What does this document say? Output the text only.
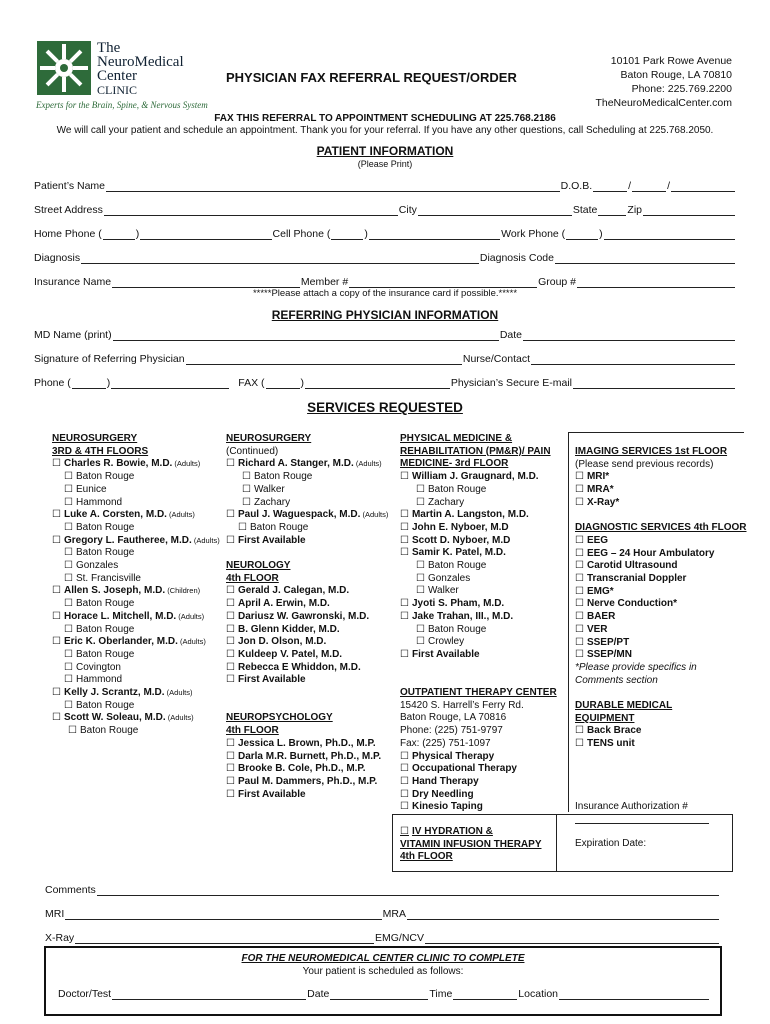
The
NeuroMedical
Center
CLINIC
Experts for the Brain, Spine, & Nervous System
PHYSICIAN FAX REFERRAL REQUEST/ORDER
10101 Park Rowe Avenue
Baton Rouge, LA 70810
Phone: 225.769.2200
TheNeuroMedicalCenter.com
FAX THIS REFERRAL TO APPOINTMENT SCHEDULING AT 225.768.2186
We will call your patient and schedule an appointment. Thank you for your referral. If you have any other questions, call Scheduling at 225.768.2050.
PATIENT INFORMATION
(Please Print)
Patient’s Name	D.O.B.	/	/
Street Address	City	State	Zip
Home Phone (	)	Cell Phone (	)	Work Phone (	)
Diagnosis	Diagnosis Code
Insurance Name	Member #	Group #
*****Please attach a copy of the insurance card if possible.*****
REFERRING PHYSICIAN INFORMATION
MD Name (print)	Date
Signature of Referring Physician	Nurse/Contact
Phone (	)	FAX (	)	Physician’s Secure E-mail
SERVICES REQUESTED
NEUROSURGERY
3RD & 4TH FLOORS
☐ Charles R. Bowie, M.D. (Adults)
☐ Baton Rouge
☐ Eunice
☐ Hammond
☐ Luke A. Corsten, M.D. (Adults)
☐ Baton Rouge
☐ Gregory L. Fautheree, M.D. (Adults)
☐ Baton Rouge
☐ Gonzales
☐ St. Francisville
☐ Allen S. Joseph, M.D. (Children)
☐ Baton Rouge
☐ Horace L. Mitchell, M.D. (Adults)
☐ Baton Rouge
☐ Eric K. Oberlander, M.D. (Adults)
☐ Baton Rouge
☐ Covington
☐ Hammond
☐ Kelly J. Scrantz, M.D. (Adults)
☐ Baton Rouge
☐ Scott W. Soleau, M.D. (Adults)
☐ Baton Rouge
NEUROSURGERY
(Continued)
☐ Richard A. Stanger, M.D. (Adults)
☐ Baton Rouge
☐ Walker
☐ Zachary
☐ Paul J. Waguespack, M.D. (Adults)
☐ Baton Rouge
☐ First Available

NEUROLOGY
4th FLOOR
☐ Gerald J. Calegan, M.D.
☐ April A. Erwin, M.D.
☐ Dariusz W. Gawronski, M.D.
☐ B. Glenn Kidder, M.D.
☐ Jon D. Olson, M.D.
☐ Kuldeep V. Patel, M.D.
☐ Rebecca E Whiddon, M.D.
☐ First Available

NEUROPSYCHOLOGY
4th FLOOR
☐ Jessica L. Brown, Ph.D., M.P.
☐ Darla M.R. Burnett, Ph.D., M.P.
☐ Brooke B. Cole, Ph.D., M.P.
☐ Paul M. Dammers, Ph.D., M.P.
☐ First Available
PHYSICAL MEDICINE &
REHABILITATION (PM&R)/ PAIN
MEDICINE- 3rd FLOOR
☐ William J. Graugnard, M.D.
☐ Baton Rouge
☐ Zachary
☐ Martin A. Langston, M.D.
☐ John E. Nyboer, M.D
☐ Scott D. Nyboer, M.D
☐ Samir K. Patel, M.D.
☐ Baton Rouge
☐ Gonzales
☐ Walker
☐ Jyoti S. Pham, M.D.
☐ Jake Trahan, III., M.D.
☐ Baton Rouge
☐ Crowley
☐ First Available

OUTPATIENT THERAPY CENTER
15420 S. Harrell’s Ferry Rd.
Baton Rouge, LA 70816
Phone: (225) 751-9797
Fax: (225) 751-1097
☐ Physical Therapy
☐ Occupational Therapy
☐ Hand Therapy
☐ Dry Needling
☐ Kinesio Taping
IMAGING SERVICES 1st FLOOR
(Please send previous records)
☐ MRI*
☐ MRA*
☐ X-Ray*

DIAGNOSTIC SERVICES 4th FLOOR
☐ EEG
☐ EEG – 24 Hour Ambulatory
☐ Carotid Ultrasound
☐ Transcranial Doppler
☐ EMG*
☐ Nerve Conduction*
☐ BAER
☐ VER
☐ SSEP/PT
☐ SSEP/MN
*Please provide specifics in
Comments section

DURABLE MEDICAL
EQUIPMENT
☐ Back Brace
☐ TENS unit
Insurance Authorization #
☐ IV HYDRATION &
VITAMIN INFUSION THERAPY
4th FLOOR
Expiration Date:
Comments
MRI	MRA
X-Ray	EMG/NCV
FOR THE NEUROMEDICAL CENTER CLINIC TO COMPLETE
Your patient is scheduled as follows:
Doctor/Test	Date	Time	Location
